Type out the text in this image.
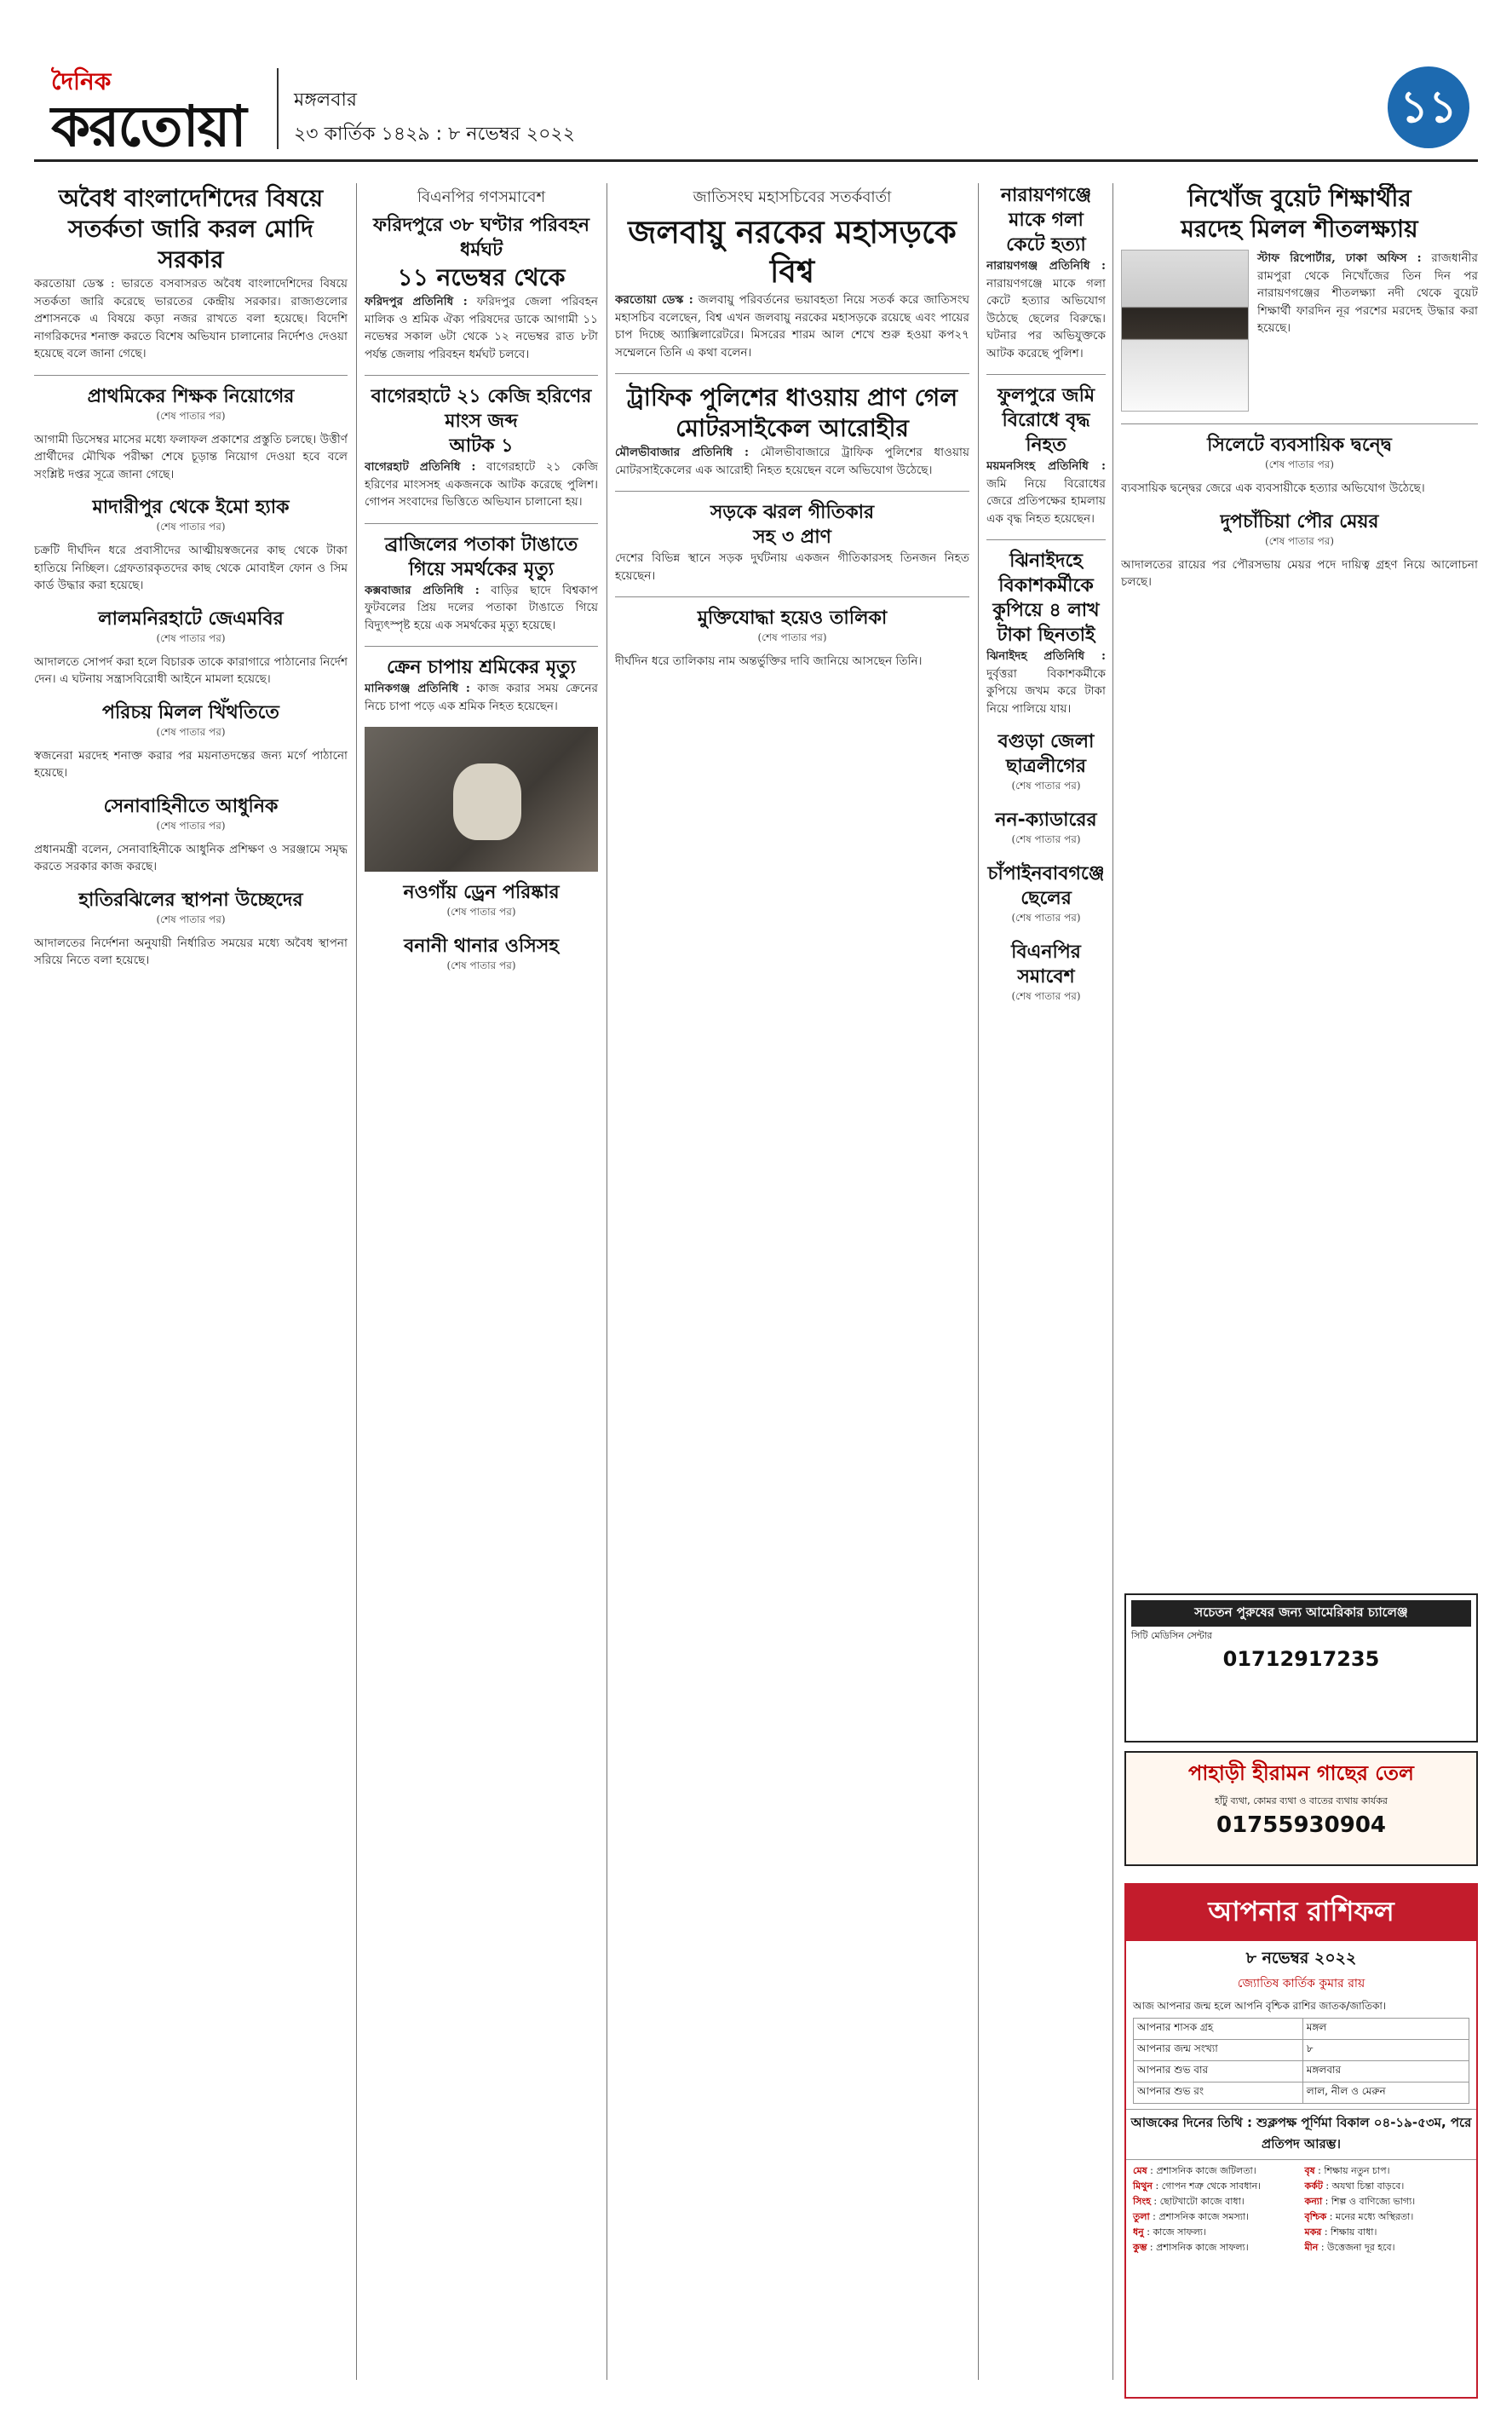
দৈনিক
করতোয়া	মঙ্গলবার
২৩ কার্তিক ১৪২৯ : ৮ নভেম্বর ২০২২
১১
অবৈধ বাংলাদেশিদের বিষয়ে
সতর্কতা জারি করল মোদি সরকার
করতোয়া ডেস্ক : ভারতে বসবাসরত অবৈধ বাংলাদেশিদের বিষয়ে সতর্কতা জারি করেছে ভারতের কেন্দ্রীয় সরকার। রাজ্যগুলোর প্রশাসনকে এ বিষয়ে কড়া নজর রাখতে বলা হয়েছে। বিদেশি নাগরিকদের শনাক্ত করতে বিশেষ অভিযান চালানোর নির্দেশও দেওয়া হয়েছে বলে জানা গেছে।
প্রাথমিকের শিক্ষক নিয়োগের
(শেষ পাতার পর)
আগামী ডিসেম্বর মাসের মধ্যে ফলাফল প্রকাশের প্রস্তুতি চলছে। উত্তীর্ণ প্রার্থীদের মৌখিক পরীক্ষা শেষে চূড়ান্ত নিয়োগ দেওয়া হবে বলে সংশ্লিষ্ট দপ্তর সূত্রে জানা গেছে।
মাদারীপুর থেকে ইমো হ্যাক
(শেষ পাতার পর)
চক্রটি দীর্ঘদিন ধরে প্রবাসীদের আত্মীয়স্বজনের কাছ থেকে টাকা হাতিয়ে নিচ্ছিল। গ্রেফতারকৃতদের কাছ থেকে মোবাইল ফোন ও সিম কার্ড উদ্ধার করা হয়েছে।
লালমনিরহাটে জেএমবির
(শেষ পাতার পর)
আদালতে সোপর্দ করা হলে বিচারক তাকে কারাগারে পাঠানোর নির্দেশ দেন। এ ঘটনায় সন্ত্রাসবিরোধী আইনে মামলা হয়েছে।
পরিচয় মিলল খিঁথতিতে
(শেষ পাতার পর)
স্বজনেরা মরদেহ শনাক্ত করার পর ময়নাতদন্তের জন্য মর্গে পাঠানো হয়েছে।
সেনাবাহিনীতে আধুনিক
(শেষ পাতার পর)
প্রধানমন্ত্রী বলেন, সেনাবাহিনীকে আধুনিক প্রশিক্ষণ ও সরঞ্জামে সমৃদ্ধ করতে সরকার কাজ করছে।
হাতিরঝিলের স্থাপনা উচ্ছেদের
(শেষ পাতার পর)
আদালতের নির্দেশনা অনুযায়ী নির্ধারিত সময়ের মধ্যে অবৈধ স্থাপনা সরিয়ে নিতে বলা হয়েছে।
বিএনপির গণসমাবেশ
ফরিদপুরে ৩৮ ঘণ্টার পরিবহন ধর্মঘট
১১ নভেম্বর থেকে
ফরিদপুর প্রতিনিধি : ফরিদপুর জেলা পরিবহন মালিক ও শ্রমিক ঐক্য পরিষদের ডাকে আগামী ১১ নভেম্বর সকাল ৬টা থেকে ১২ নভেম্বর রাত ৮টা পর্যন্ত জেলায় পরিবহন ধর্মঘট চলবে।
বাগেরহাটে ২১ কেজি হরিণের মাংস জব্দ
আটক ১
বাগেরহাট প্রতিনিধি : বাগেরহাটে ২১ কেজি হরিণের মাংসসহ একজনকে আটক করেছে পুলিশ। গোপন সংবাদের ভিত্তিতে অভিযান চালানো হয়।
ব্রাজিলের পতাকা টাঙাতে গিয়ে সমর্থকের মৃত্যু
কক্সবাজার প্রতিনিধি : বাড়ির ছাদে বিশ্বকাপ ফুটবলের প্রিয় দলের পতাকা টাঙাতে গিয়ে বিদ্যুৎস্পৃষ্ট হয়ে এক সমর্থকের মৃত্যু হয়েছে।
ক্রেন চাপায় শ্রমিকের মৃত্যু
মানিকগঞ্জ প্রতিনিধি : কাজ করার সময় ক্রেনের নিচে চাপা পড়ে এক শ্রমিক নিহত হয়েছেন।
নওগাঁয় ড্রেন পরিষ্কার
(শেষ পাতার পর)
বনানী থানার ওসিসহ
(শেষ পাতার পর)
জাতিসংঘ মহাসচিবের সতর্কবার্তা
জলবায়ু নরকের মহাসড়কে বিশ্ব
করতোয়া ডেস্ক : জলবায়ু পরিবর্তনের ভয়াবহতা নিয়ে সতর্ক করে জাতিসংঘ মহাসচিব বলেছেন, বিশ্ব এখন জলবায়ু নরকের মহাসড়কে রয়েছে এবং পায়ের চাপ দিচ্ছে অ্যাক্সিলারেটরে। মিসরের শারম আল শেখে শুরু হওয়া কপ২৭ সম্মেলনে তিনি এ কথা বলেন।
ট্রাফিক পুলিশের ধাওয়ায় প্রাণ গেল মোটরসাইকেল আরোহীর
মৌলভীবাজার প্রতিনিধি : মৌলভীবাজারে ট্রাফিক পুলিশের ধাওয়ায় মোটরসাইকেলের এক আরোহী নিহত হয়েছেন বলে অভিযোগ উঠেছে।
সড়কে ঝরল গীতিকার
সহ ৩ প্রাণ
দেশের বিভিন্ন স্থানে সড়ক দুর্ঘটনায় একজন গীতিকারসহ তিনজন নিহত হয়েছেন।
মুক্তিযোদ্ধা হয়েও তালিকা
(শেষ পাতার পর)
দীর্ঘদিন ধরে তালিকায় নাম অন্তর্ভুক্তির দাবি জানিয়ে আসছেন তিনি।
নারায়ণগঞ্জে
মাকে গলা
কেটে হত্যা
নারায়ণগঞ্জ প্রতিনিধি : নারায়ণগঞ্জে মাকে গলা কেটে হত্যার অভিযোগ উঠেছে ছেলের বিরুদ্ধে। ঘটনার পর অভিযুক্তকে আটক করেছে পুলিশ।
ফুলপুরে জমি বিরোধে বৃদ্ধ নিহত
ময়মনসিংহ প্রতিনিধি : জমি নিয়ে বিরোধের জেরে প্রতিপক্ষের হামলায় এক বৃদ্ধ নিহত হয়েছেন।
ঝিনাইদহে বিকাশকর্মীকে কুপিয়ে ৪ লাখ টাকা ছিনতাই
ঝিনাইদহ প্রতিনিধি : দুর্বৃত্তরা বিকাশকর্মীকে কুপিয়ে জখম করে টাকা নিয়ে পালিয়ে যায়।
বগুড়া জেলা ছাত্রলীগের
(শেষ পাতার পর)
নন-ক্যাডারের
(শেষ পাতার পর)
চাঁপাইনবাবগঞ্জে ছেলের
(শেষ পাতার পর)
বিএনপির সমাবেশ
(শেষ পাতার পর)
নিখোঁজ বুয়েট শিক্ষার্থীর
মরদেহ মিলল শীতলক্ষ্যায়
স্টাফ রিপোর্টার, ঢাকা অফিস : রাজধানীর রামপুরা থেকে নিখোঁজের তিন দিন পর নারায়ণগঞ্জের শীতলক্ষ্যা নদী থেকে বুয়েট শিক্ষার্থী ফারদিন নূর পরশের মরদেহ উদ্ধার করা হয়েছে।
সিলেটে ব্যবসায়িক দ্বন্দ্বে
(শেষ পাতার পর)
ব্যবসায়িক দ্বন্দ্বের জেরে এক ব্যবসায়ীকে হত্যার অভিযোগ উঠেছে।
দুপচাঁচিয়া পৌর মেয়র
(শেষ পাতার পর)
আদালতের রায়ের পর পৌরসভায় মেয়র পদে দায়িত্ব গ্রহণ নিয়ে আলোচনা চলছে।
সচেতন পুরুষের জন্য আমেরিকার চ্যালেঞ্জ
সিটি মেডিসিন সেন্টার
01712917235
পাহাড়ী হীরামন গাছের তেল
হাঁটু ব্যথা, কোমর ব্যথা ও বাতের ব্যথায় কার্যকর
01755930904
আপনার রাশিফল
৮ নভেম্বর ২০২২
জ্যোতিষ কার্তিক কুমার রায়
আজ আপনার জন্ম হলে আপনি বৃশ্চিক রাশির জাতক/জাতিকা।
আপনার শাসক গ্রহ	মঙ্গল
আপনার জন্ম সংখ্যা	৮
আপনার শুভ বার	মঙ্গলবার
আপনার শুভ রং	লাল, নীল ও মেরুন
আজকের দিনের তিথি : শুক্লপক্ষ পূর্ণিমা বিকাল ০৪-১৯-৫৩ম, পরে প্রতিপদ আরম্ভ।
মেষ : প্রশাসনিক কাজে জটিলতা।	বৃষ : শিক্ষায় নতুন চাপ।
মিথুন : গোপন শত্রু থেকে সাবধান।	কর্কট : অযথা চিন্তা বাড়বে।
সিংহ : ছোটখাটো কাজে বাধা।	কন্যা : শিল্প ও বাণিজ্যে ভাগ্য।
তুলা : প্রশাসনিক কাজে সমস্যা।	বৃশ্চিক : মনের মধ্যে অস্থিরতা।
ধনু : কাজে সাফল্য।	মকর : শিক্ষায় বাধা।
কুম্ভ : প্রশাসনিক কাজে সাফল্য।	মীন : উত্তেজনা দূর হবে।
